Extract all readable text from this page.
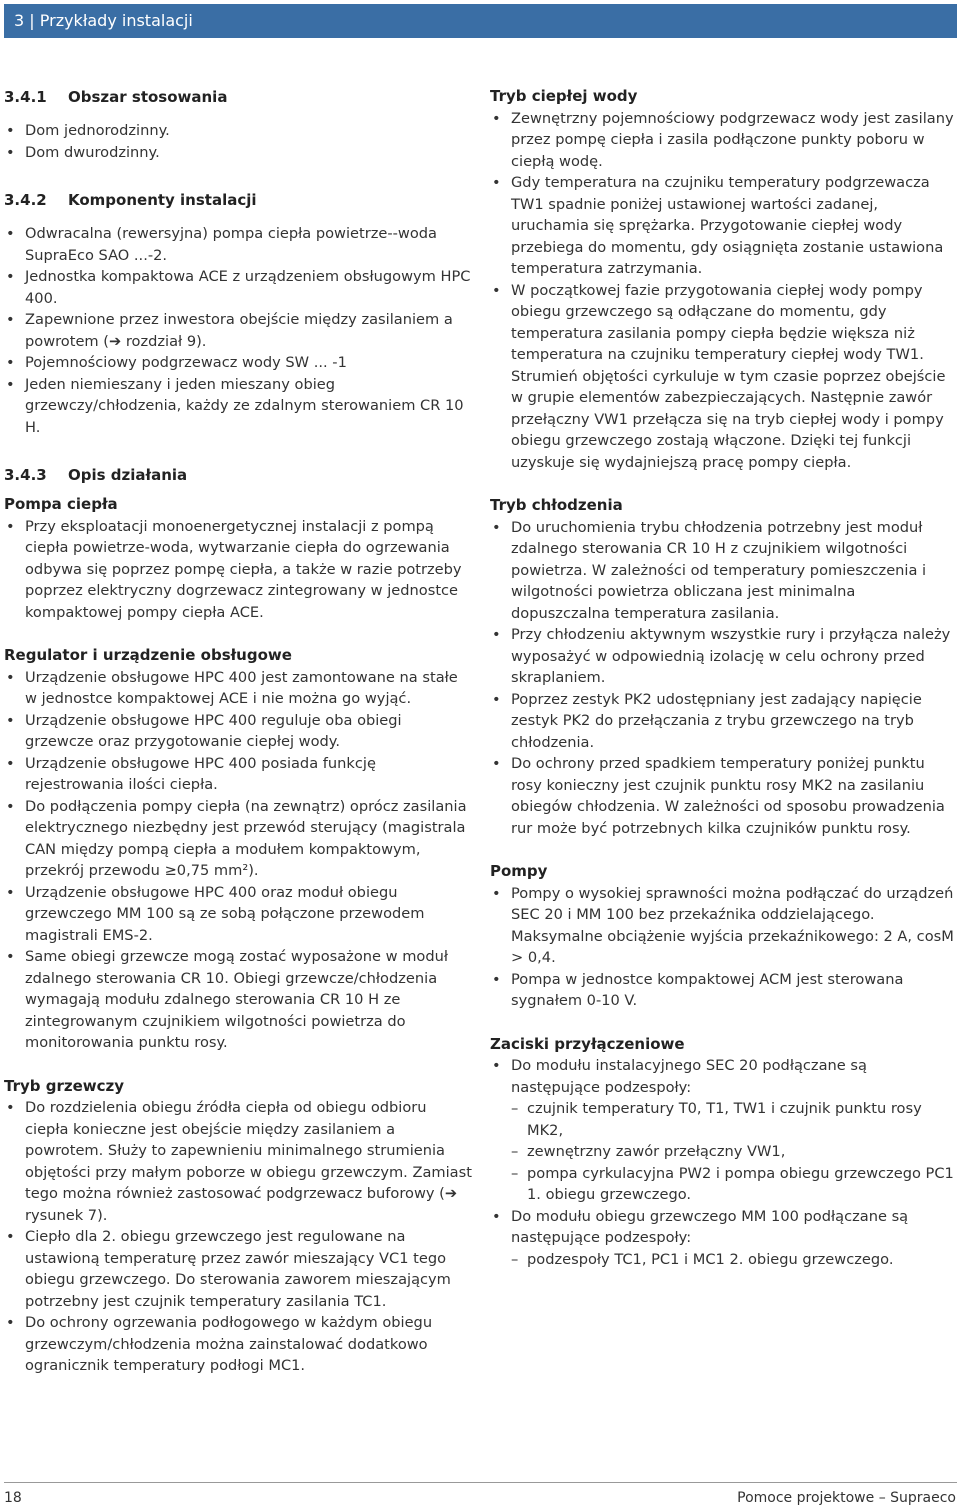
3 | Przykłady instalacji
3.4.1 Obszar stosowania
• Dom jednorodzinny.
• Dom dwurodzinny.
3.4.2 Komponenty instalacji
• Odwracalna (rewersyjna) pompa ciepła powietrze--woda SupraEco SAO ...-2.
• Jednostka kompaktowa ACE z urządzeniem obsługowym HPC 400.
• Zapewnione przez inwestora obejście między zasilaniem a powrotem (➔ rozdział 9).
• Pojemnościowy podgrzewacz wody SW ... -1
• Jeden niemieszany i jeden mieszany obieg grzewczy/chłodzenia, każdy ze zdalnym sterowaniem CR 10 H.
3.4.3 Opis działania
Pompa ciepła
• Przy eksploatacji monoenergetycznej instalacji z pompą ciepła powietrze-woda, wytwarzanie ciepła do ogrzewania odbywa się poprzez pompę ciepła, a także w razie potrzeby poprzez elektryczny dogrzewacz zintegrowany w jednostce kompaktowej pompy ciepła ACE.
Regulator i urządzenie obsługowe
• Urządzenie obsługowe HPC 400 jest zamontowane na stałe w jednostce kompaktowej ACE i nie można go wyjąć.
• Urządzenie obsługowe HPC 400 reguluje oba obiegi grzewcze oraz przygotowanie ciepłej wody.
• Urządzenie obsługowe HPC 400 posiada funkcję rejestrowania ilości ciepła.
• Do podłączenia pompy ciepła (na zewnątrz) oprócz zasilania elektrycznego niezbędny jest przewód sterujący (magistrala CAN między pompą ciepła a modułem kompaktowym, przekrój przewodu ≥0,75 mm²).
• Urządzenie obsługowe HPC 400 oraz moduł obiegu grzewczego MM 100 są ze sobą połączone przewodem magistrali EMS-2.
• Same obiegi grzewcze mogą zostać wyposażone w moduł zdalnego sterowania CR 10. Obiegi grzewcze/chłodzenia wymagają modułu zdalnego sterowania CR 10 H ze zintegrowanym czujnikiem wilgotności powietrza do monitorowania punktu rosy.
Tryb grzewczy
• Do rozdzielenia obiegu źródła ciepła od obiegu odbioru ciepła konieczne jest obejście między zasilaniem a powrotem. Służy to zapewnieniu minimalnego strumienia objętości przy małym poborze w obiegu grzewczym. Zamiast tego można również zastosować podgrzewacz buforowy (➔ rysunek 7).
• Ciepło dla 2. obiegu grzewczego jest regulowane na ustawioną temperaturę przez zawór mieszający VC1 tego obiegu grzewczego. Do sterowania zaworem mieszającym potrzebny jest czujnik temperatury zasilania TC1.
• Do ochrony ogrzewania podłogowego w każdym obiegu grzewczym/chłodzenia można zainstalować dodatkowo ogranicznik temperatury podłogi MC1.
Tryb ciepłej wody
• Zewnętrzny pojemnościowy podgrzewacz wody jest zasilany przez pompę ciepła i zasila podłączone punkty poboru w ciepłą wodę.
• Gdy temperatura na czujniku temperatury podgrzewacza TW1 spadnie poniżej ustawionej wartości zadanej, uruchamia się sprężarka. Przygotowanie ciepłej wody przebiega do momentu, gdy osiągnięta zostanie ustawiona temperatura zatrzymania.
• W początkowej fazie przygotowania ciepłej wody pompy obiegu grzewczego są odłączane do momentu, gdy temperatura zasilania pompy ciepła będzie większa niż temperatura na czujniku temperatury ciepłej wody TW1. Strumień objętości cyrkuluje w tym czasie poprzez obejście w grupie elementów zabezpieczających. Następnie zawór przełączny VW1 przełącza się na tryb ciepłej wody i pompy obiegu grzewczego zostają włączone. Dzięki tej funkcji uzyskuje się wydajniejszą pracę pompy ciepła.
Tryb chłodzenia
• Do uruchomienia trybu chłodzenia potrzebny jest moduł zdalnego sterowania CR 10 H z czujnikiem wilgotności powietrza. W zależności od temperatury pomieszczenia i wilgotności powietrza obliczana jest minimalna dopuszczalna temperatura zasilania.
• Przy chłodzeniu aktywnym wszystkie rury i przyłącza należy wyposażyć w odpowiednią izolację w celu ochrony przed skraplaniem.
• Poprzez zestyk PK2 udostępniany jest zadający napięcie zestyk PK2 do przełączania z trybu grzewczego na tryb chłodzenia.
• Do ochrony przed spadkiem temperatury poniżej punktu rosy konieczny jest czujnik punktu rosy MK2 na zasilaniu obiegów chłodzenia. W zależności od sposobu prowadzenia rur może być potrzebnych kilka czujników punktu rosy.
Pompy
• Pompy o wysokiej sprawności można podłączać do urządzeń SEC 20 i MM 100 bez przekaźnika oddzielającego. Maksymalne obciążenie wyjścia przekaźnikowego: 2 A, cosM > 0,4.
• Pompa w jednostce kompaktowej ACM jest sterowana sygnałem 0-10 V.
Zaciski przyłączeniowe
• Do modułu instalacyjnego SEC 20 podłączane są następujące podzespoły:
– czujnik temperatury T0, T1, TW1 i czujnik punktu rosy MK2,
– zewnętrzny zawór przełączny VW1,
– pompa cyrkulacyjna PW2 i pompa obiegu grzewczego PC1 1. obiegu grzewczego.
• Do modułu obiegu grzewczego MM 100 podłączane są następujące podzespoły:
– podzespoły TC1, PC1 i MC1 2. obiegu grzewczego.
18	Pomoce projektowe – Supraeco
